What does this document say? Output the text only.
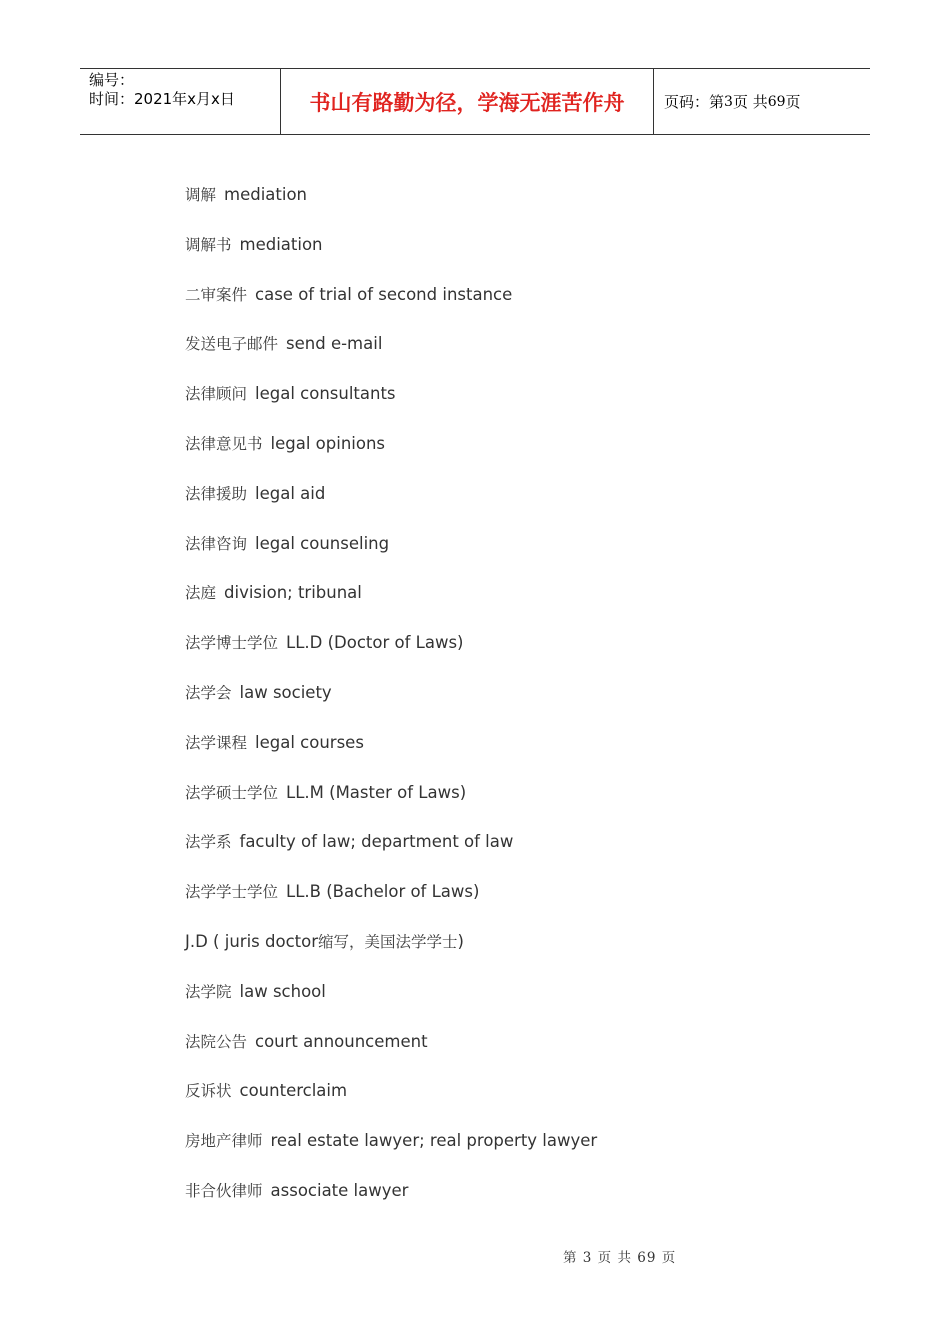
编号：
时间：2021年x月x日	书山有路勤为径，学海无涯苦作舟	页码：第 3 页 共 69 页
调解 mediation
调解书 mediation
二审案件 case of trial of second instance
发送电子邮件 send e-mail
法律顾问 legal consultants
法律意见书 legal opinions
法律援助 legal aid
法律咨询 legal counseling
法庭 division; tribunal
法学博士学位 LL.D (Doctor of Laws)
法学会 law society
法学课程 legal courses
法学硕士学位 LL.M (Master of Laws)
法学系 faculty of law; department of law
法学学士学位 LL.B (Bachelor of Laws)
J.D ( juris doctor缩写，美国法学学士)
法学院 law school
法院公告 court announcement
反诉状 counterclaim
房地产律师 real estate lawyer; real property lawyer
非合伙律师 associate lawyer
第 3 页 共 69 页
